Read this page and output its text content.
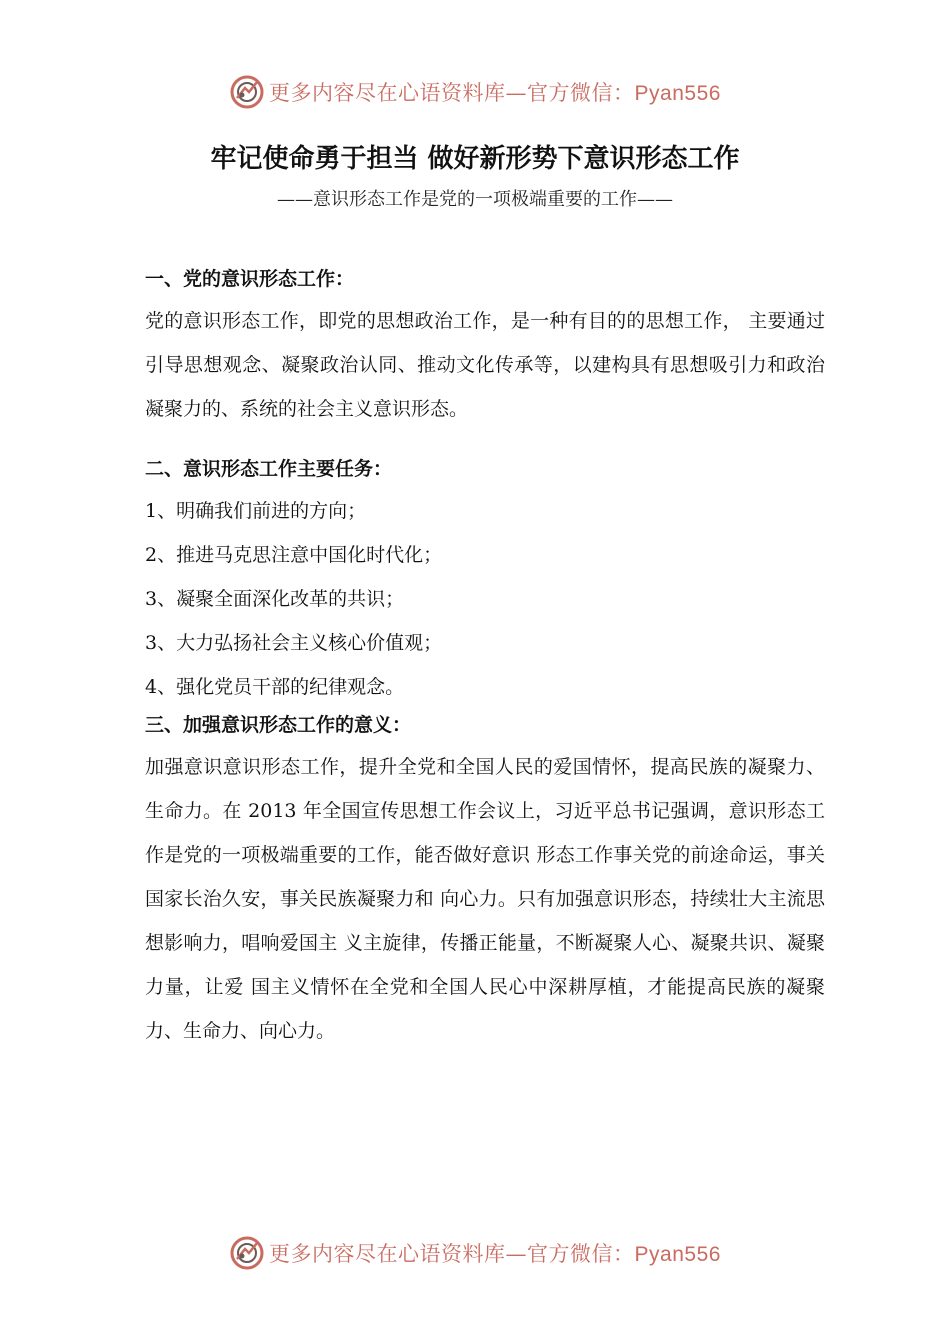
更多内容尽在心语资料库—官方微信：Pyan556
牢记使命勇于担当 做好新形势下意识形态工作
——意识形态工作是党的一项极端重要的工作——
一、党的意识形态工作：
党的意识形态工作，即党的思想政治工作，是一种有目的的思想工作， 主要通过引导思想观念、凝聚政治认同、推动文化传承等，以建构具有思想吸引力和政治凝聚力的、系统的社会主义意识形态。
二、意识形态工作主要任务：
1、明确我们前进的方向；
2、推进马克思注意中国化时代化；
3、凝聚全面深化改革的共识；
3、大力弘扬社会主义核心价值观；
4、强化党员干部的纪律观念。
三、加强意识形态工作的意义：
加强意识意识形态工作，提升全党和全国人民的爱国情怀，提高民族的凝聚力、生命力。在 2013 年全国宣传思想工作会议上，习近平总书记强调，意识形态工作是党的一项极端重要的工作，能否做好意识 形态工作事关党的前途命运，事关国家长治久安，事关民族凝聚力和 向心力。只有加强意识形态，持续壮大主流思想影响力，唱响爱国主 义主旋律，传播正能量，不断凝聚人心、凝聚共识、凝聚力量，让爱 国主义情怀在全党和全国人民心中深耕厚植，才能提高民族的凝聚力、生命力、向心力。
更多内容尽在心语资料库—官方微信：Pyan556
